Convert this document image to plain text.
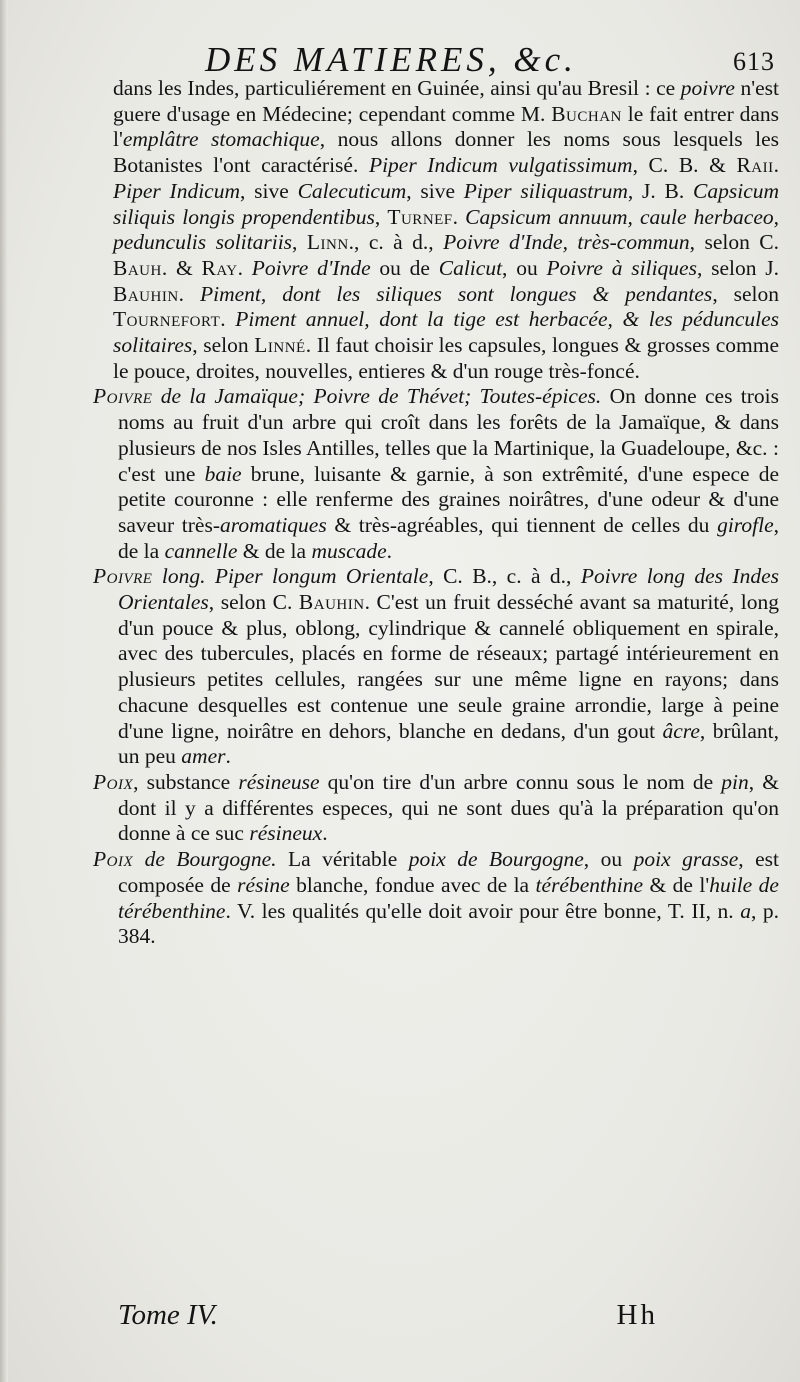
DES MATIERES, &c.	613

dans les Indes, particuliérement en Guinée, ainsi qu'au Bresil : ce poivre n'est guere d'usage en Médecine; cependant comme M. Buchan le fait entrer dans l'emplâtre stomachique, nous allons donner les noms sous lesquels les Botanistes l'ont caractérisé. Piper Indicum vulgatissimum, C. B. & Raii. Piper Indicum, sive Calecuticum, sive Piper siliquastrum, J. B. Capsicum siliquis longis propendentibus, Turnef. Capsicum annuum, caule herbaceo, pedunculis solitariis, Linn., c. à d., Poivre d'Inde, très-commun, selon C. Bauh. & Ray. Poivre d'Inde ou de Calicut, ou Poivre à siliques, selon J. Bauhin. Piment, dont les siliques sont longues & pendantes, selon Tournefort. Piment annuel, dont la tige est herbacée, & les péduncules solitaires, selon Linné. Il faut choisir les capsules, longues & grosses comme le pouce, droites, nouvelles, entieres & d'un rouge très-foncé.

Poivre de la Jamaïque; Poivre de Thévet; Toutes-épices. On donne ces trois noms au fruit d'un arbre qui croît dans les forêts de la Jamaïque, & dans plusieurs de nos Isles Antilles, telles que la Martinique, la Guadeloupe, &c. : c'est une baie brune, luisante & garnie, à son extrêmité, d'une espece de petite couronne : elle renferme des graines noirâtres, d'une odeur & d'une saveur très-aromatiques & très-agréables, qui tiennent de celles du girofle, de la cannelle & de la muscade.

Poivre long. Piper longum Orientale, C. B., c. à d., Poivre long des Indes Orientales, selon C. Bauhin. C'est un fruit desséché avant sa maturité, long d'un pouce & plus, oblong, cylindrique & cannelé obliquement en spirale, avec des tubercules, placés en forme de réseaux; partagé intérieurement en plusieurs petites cellules, rangées sur une même ligne en rayons; dans chacune desquelles est contenue une seule graine arrondie, large à peine d'une ligne, noirâtre en dehors, blanche en dedans, d'un gout âcre, brûlant, un peu amer.

Poix, substance résineuse qu'on tire d'un arbre connu sous le nom de pin, & dont il y a différentes especes, qui ne sont dues qu'à la préparation qu'on donne à ce suc résineux.

Poix de Bourgogne. La véritable poix de Bourgogne, ou poix grasse, est composée de résine blanche, fondue avec de la térébenthine & de l'huile de térébenthine. V. les qualités qu'elle doit avoir pour être bonne, T. II, n. a, p. 384.

Tome IV.	Hh
